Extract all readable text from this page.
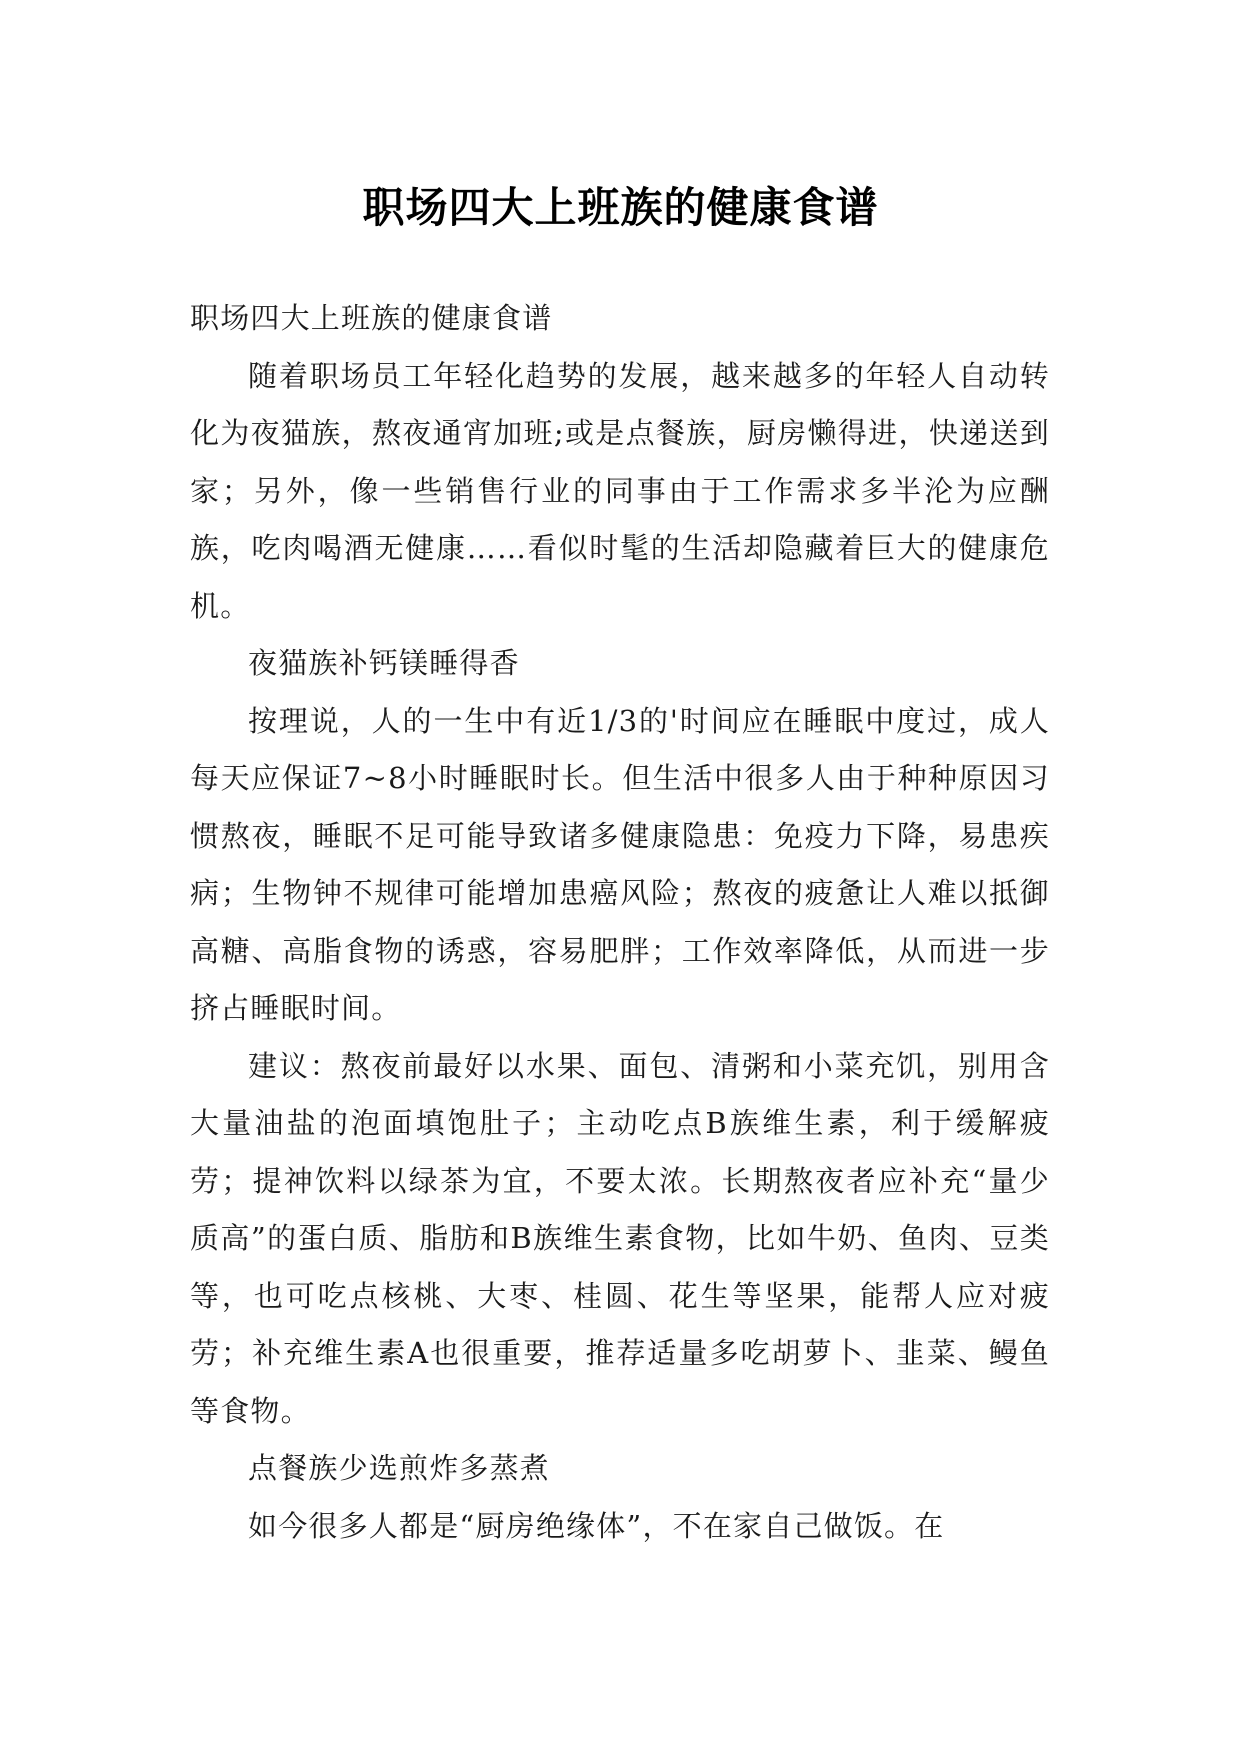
职场四大上班族的健康食谱

职场四大上班族的健康食谱

随着职场员工年轻化趋势的发展，越来越多的年轻人自动转化为夜猫族，熬夜通宵加班;或是点餐族，厨房懒得进，快递送到家；另外，像一些销售行业的同事由于工作需求多半沦为应酬族，吃肉喝酒无健康……看似时髦的生活却隐藏着巨大的健康危机。

夜猫族补钙镁睡得香

按理说，人的一生中有近1/3的'时间应在睡眠中度过，成人每天应保证7~8小时睡眠时长。但生活中很多人由于种种原因习惯熬夜，睡眠不足可能导致诸多健康隐患：免疫力下降，易患疾病；生物钟不规律可能增加患癌风险；熬夜的疲惫让人难以抵御高糖、高脂食物的诱惑，容易肥胖；工作效率降低，从而进一步挤占睡眠时间。

建议：熬夜前最好以水果、面包、清粥和小菜充饥，别用含大量油盐的泡面填饱肚子；主动吃点B族维生素，利于缓解疲劳；提神饮料以绿茶为宜，不要太浓。长期熬夜者应补充“量少质高”的蛋白质、脂肪和B族维生素食物，比如牛奶、鱼肉、豆类等，也可吃点核桃、大枣、桂圆、花生等坚果，能帮人应对疲劳；补充维生素A也很重要，推荐适量多吃胡萝卜、韭菜、鳗鱼等食物。

点餐族少选煎炸多蒸煮

如今很多人都是“厨房绝缘体”，不在家自己做饭。在
